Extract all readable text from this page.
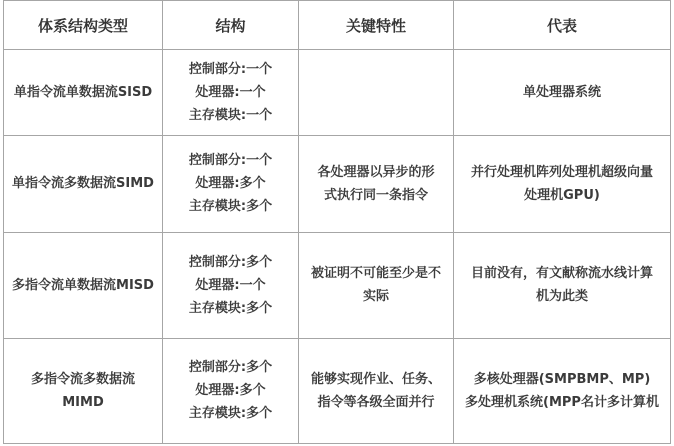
体系结构类型	结构	关键特性	代表
单指令流单数据流SISD	控制部分:一个
处理器:一个
主存模块:一个		单处理器系统
单指令流多数据流SIMD	控制部分:一个
处理器:多个
主存模块:多个	各处理器以异步的形式执行同一条指令	并行处理机阵列处理机超级向量处理机GPU)

多指令流单数据流MISD	控制部分:多个
处理器:一个
主存模块:多个	被证明不可能至少是不实际	目前没有，有文献称流水线计算机为此类

多指令流多数据流MIMD	控制部分:多个
处理器:多个
主存模块:多个	能够实现作业、任务、指令等各级全面并行	多核处理器(SMPBMP、MP)
多处理机系统(MPP名计多计算机
